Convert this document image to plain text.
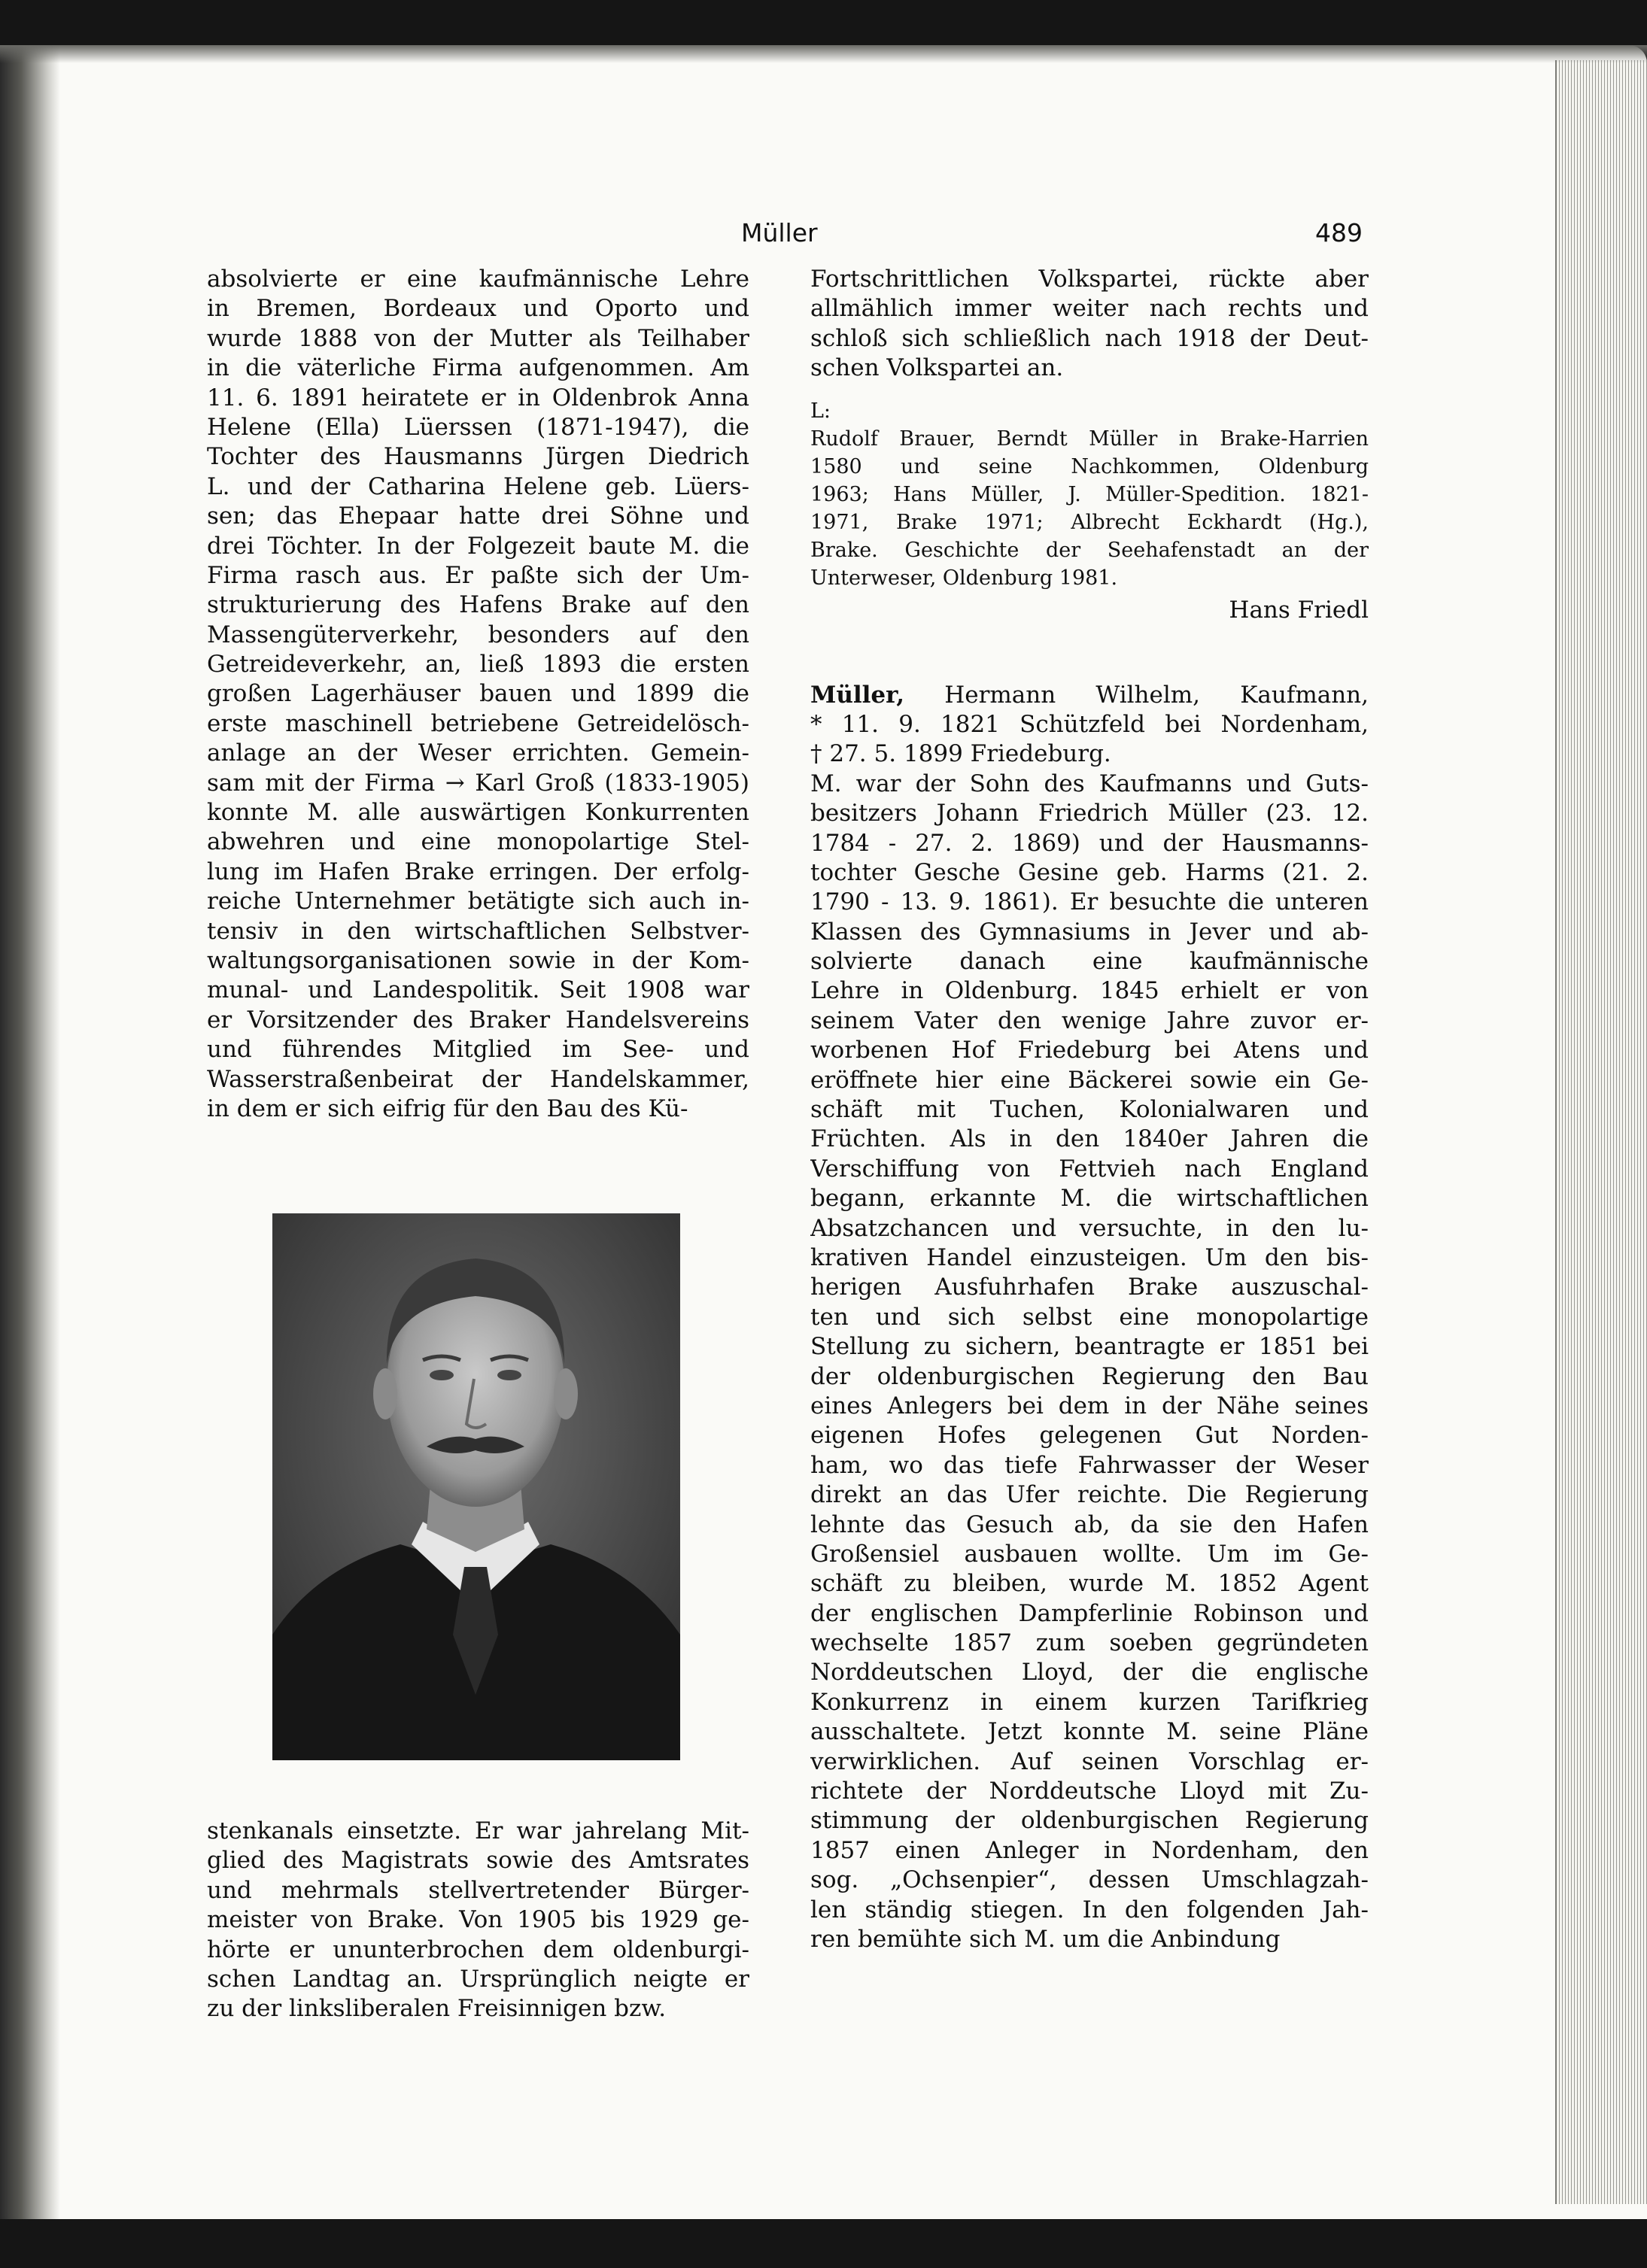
Müller	489
absolvierte er eine kaufmännische Lehre
in Bremen, Bordeaux und Oporto und
wurde 1888 von der Mutter als Teilhaber
in die väterliche Firma aufgenommen. Am
11. 6. 1891 heiratete er in Oldenbrok Anna
Helene (Ella) Lüerssen (1871-1947), die
Tochter des Hausmanns Jürgen Diedrich
L. und der Catharina Helene geb. Lüers-
sen; das Ehepaar hatte drei Söhne und
drei Töchter. In der Folgezeit baute M. die
Firma rasch aus. Er paßte sich der Um-
strukturierung des Hafens Brake auf den
Massengüterverkehr, besonders auf den
Getreideverkehr, an, ließ 1893 die ersten
großen Lagerhäuser bauen und 1899 die
erste maschinell betriebene Getreidelösch-
anlage an der Weser errichten. Gemein-
sam mit der Firma → Karl Groß (1833-1905)
konnte M. alle auswärtigen Konkurrenten
abwehren und eine monopolartige Stel-
lung im Hafen Brake erringen. Der erfolg-
reiche Unternehmer betätigte sich auch in-
tensiv in den wirtschaftlichen Selbstver-
waltungsorganisationen sowie in der Kom-
munal- und Landespolitik. Seit 1908 war
er Vorsitzender des Braker Handelsvereins
und führendes Mitglied im See- und
Wasserstraßenbeirat der Handelskammer,
in dem er sich eifrig für den Bau des Kü-
stenkanals einsetzte. Er war jahrelang Mit-
glied des Magistrats sowie des Amtsrates
und mehrmals stellvertretender Bürger-
meister von Brake. Von 1905 bis 1929 ge-
hörte er ununterbrochen dem oldenburgi-
schen Landtag an. Ursprünglich neigte er
zu der linksliberalen Freisinnigen bzw.
Fortschrittlichen Volkspartei, rückte aber
allmählich immer weiter nach rechts und
schloß sich schließlich nach 1918 der Deut-
schen Volkspartei an.
L:
Rudolf Brauer, Berndt Müller in Brake-Harrien
1580 und seine Nachkommen, Oldenburg
1963; Hans Müller, J. Müller-Spedition. 1821-
1971, Brake 1971; Albrecht Eckhardt (Hg.),
Brake. Geschichte der Seehafenstadt an der
Unterweser, Oldenburg 1981.
Hans Friedl
Müller, Hermann Wilhelm, Kaufmann,
* 11. 9. 1821 Schützfeld bei Nordenham,
† 27. 5. 1899 Friedeburg.
M. war der Sohn des Kaufmanns und Guts-
besitzers Johann Friedrich Müller (23. 12.
1784 - 27. 2. 1869) und der Hausmanns-
tochter Gesche Gesine geb. Harms (21. 2.
1790 - 13. 9. 1861). Er besuchte die unteren
Klassen des Gymnasiums in Jever und ab-
solvierte danach eine kaufmännische
Lehre in Oldenburg. 1845 erhielt er von
seinem Vater den wenige Jahre zuvor er-
worbenen Hof Friedeburg bei Atens und
eröffnete hier eine Bäckerei sowie ein Ge-
schäft mit Tuchen, Kolonialwaren und
Früchten. Als in den 1840er Jahren die
Verschiffung von Fettvieh nach England
begann, erkannte M. die wirtschaftlichen
Absatzchancen und versuchte, in den lu-
krativen Handel einzusteigen. Um den bis-
herigen Ausfuhrhafen Brake auszuschal-
ten und sich selbst eine monopolartige
Stellung zu sichern, beantragte er 1851 bei
der oldenburgischen Regierung den Bau
eines Anlegers bei dem in der Nähe seines
eigenen Hofes gelegenen Gut Norden-
ham, wo das tiefe Fahrwasser der Weser
direkt an das Ufer reichte. Die Regierung
lehnte das Gesuch ab, da sie den Hafen
Großensiel ausbauen wollte. Um im Ge-
schäft zu bleiben, wurde M. 1852 Agent
der englischen Dampferlinie Robinson und
wechselte 1857 zum soeben gegründeten
Norddeutschen Lloyd, der die englische
Konkurrenz in einem kurzen Tarifkrieg
ausschaltete. Jetzt konnte M. seine Pläne
verwirklichen. Auf seinen Vorschlag er-
richtete der Norddeutsche Lloyd mit Zu-
stimmung der oldenburgischen Regierung
1857 einen Anleger in Nordenham, den
sog. „Ochsenpier“, dessen Umschlagzah-
len ständig stiegen. In den folgenden Jah-
ren bemühte sich M. um die Anbindung
